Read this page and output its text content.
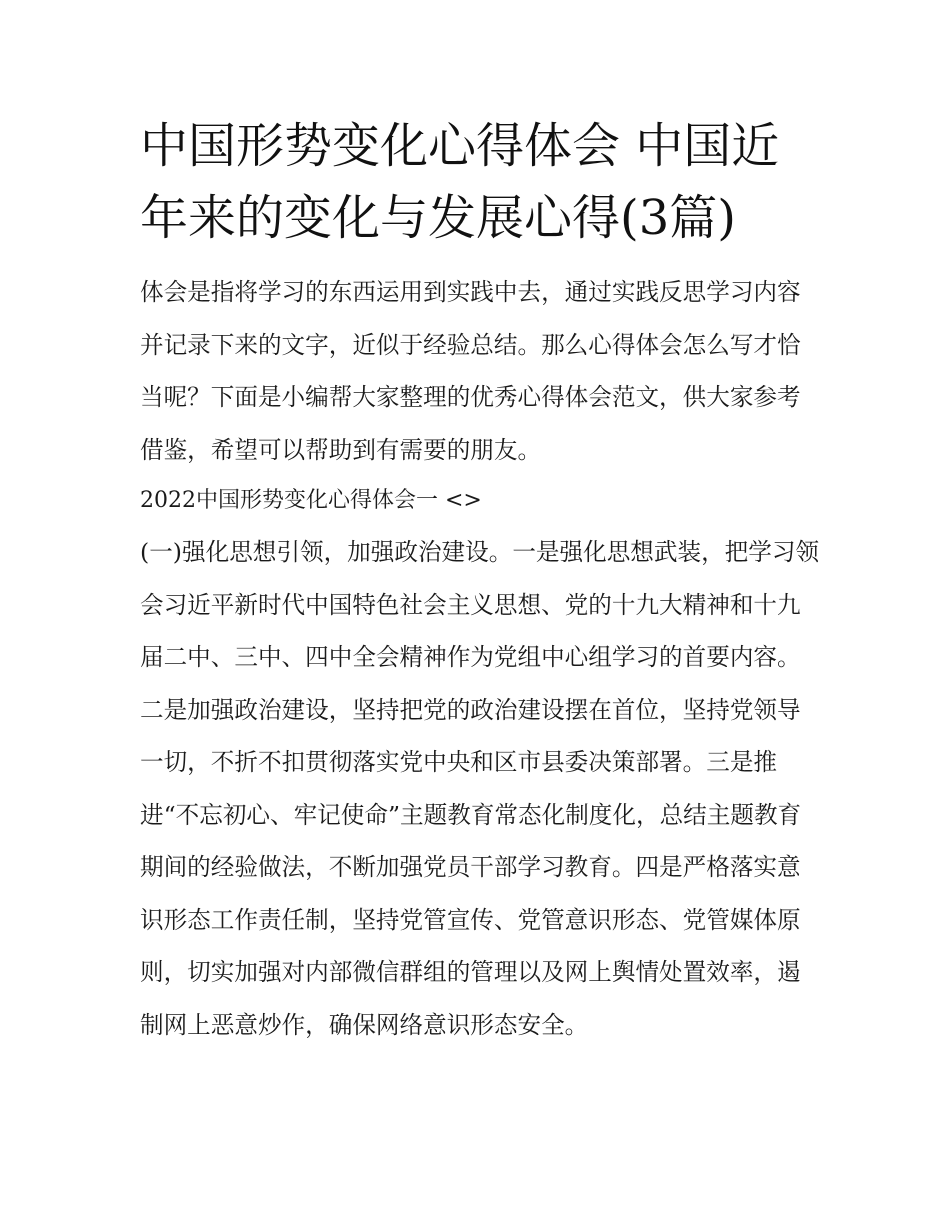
中国形势变化心得体会 中国近年来的变化与发展心得(3篇)

体会是指将学习的东西运用到实践中去，通过实践反思学习内容并记录下来的文字，近似于经验总结。那么心得体会怎么写才恰当呢？下面是小编帮大家整理的优秀心得体会范文，供大家参考借鉴，希望可以帮助到有需要的朋友。

2022中国形势变化心得体会一 <>

(一)强化思想引领，加强政治建设。一是强化思想武装，把学习领会习近平新时代中国特色社会主义思想、党的十九大精神和十九届二中、三中、四中全会精神作为党组中心组学习的首要内容。二是加强政治建设，坚持把党的政治建设摆在首位，坚持党领导一切，不折不扣贯彻落实党中央和区市县委决策部署。三是推进“不忘初心、牢记使命”主题教育常态化制度化，总结主题教育期间的经验做法，不断加强党员干部学习教育。四是严格落实意识形态工作责任制，坚持党管宣传、党管意识形态、党管媒体原则，切实加强对内部微信群组的管理以及网上舆情处置效率，遏制网上恶意炒作，确保网络意识形态安全。
